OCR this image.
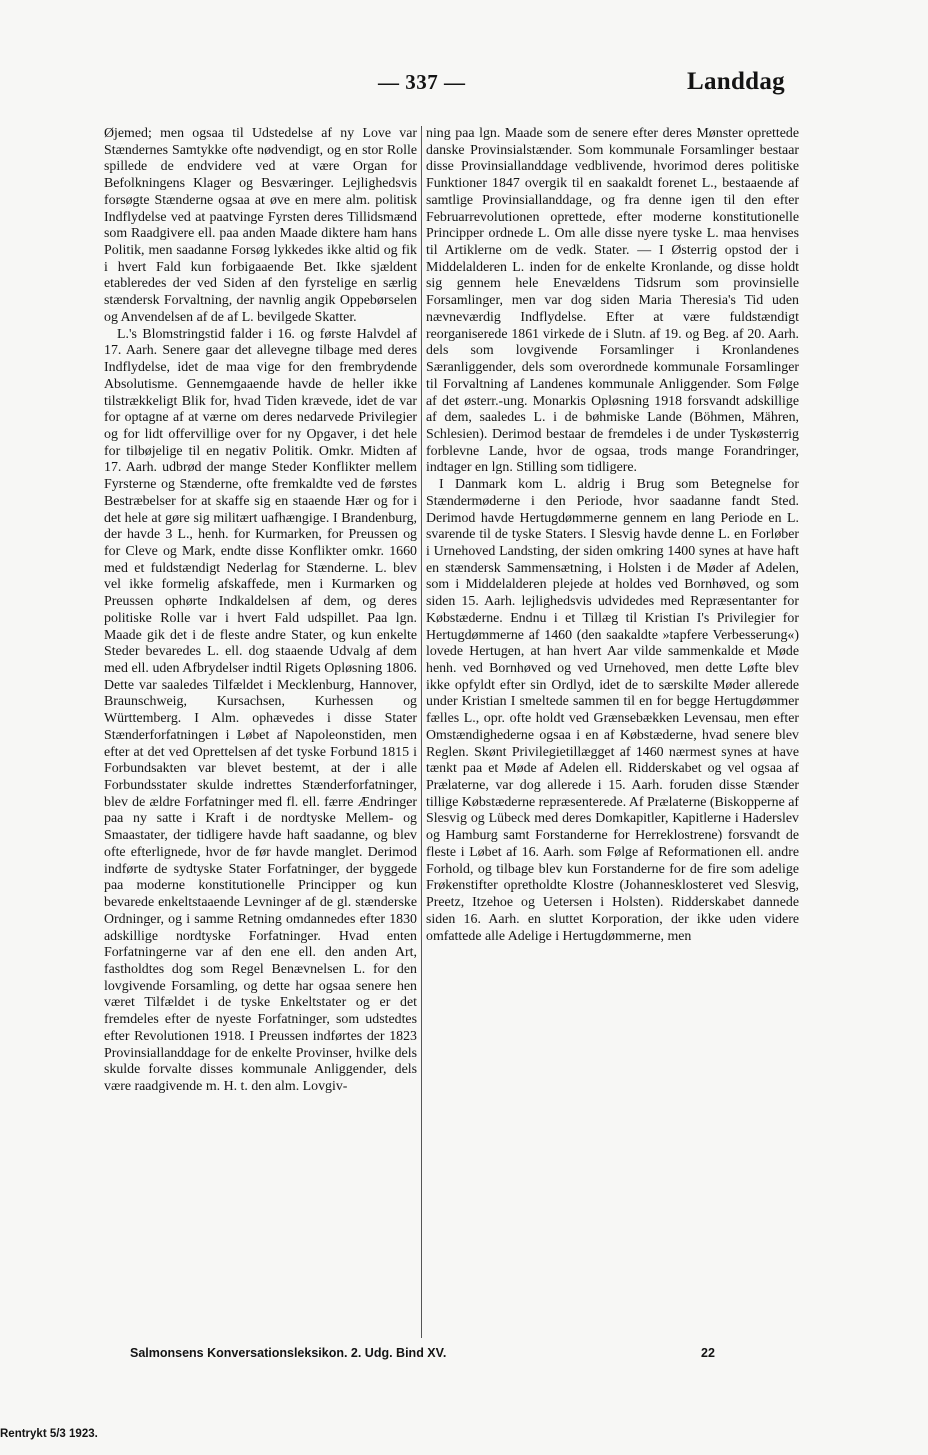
— 337 —	Landdag

Øjemed; men ogsaa til Udstedelse af ny Love var Stændernes Samtykke ofte nødvendigt, og en stor Rolle spillede de endvidere ved at være Organ for Befolkningens Klager og Besværinger. Lejlighedsvis forsøgte Stænderne ogsaa at øve en mere alm. politisk Indflydelse ved at paatvinge Fyrsten deres Tillidsmænd som Raadgivere ell. paa anden Maade diktere ham hans Politik, men saadanne Forsøg lykkedes ikke altid og fik i hvert Fald kun forbigaaende Bet. Ikke sjældent etableredes der ved Siden af den fyrstelige en særlig stændersk Forvaltning, der navnlig angik Oppebørselen og Anvendelsen af de af L. bevilgede Skatter.

L.'s Blomstringstid falder i 16. og første Halvdel af 17. Aarh. Senere gaar det allevegne tilbage med deres Indflydelse, idet de maa vige for den frembrydende Absolutisme. Gennemgaaende havde de heller ikke tilstrækkeligt Blik for, hvad Tiden krævede, idet de var for optagne af at værne om deres nedarvede Privilegier og for lidt offervillige over for ny Opgaver, i det hele for tilbøjelige til en negativ Politik. Omkr. Midten af 17. Aarh. udbrød der mange Steder Konflikter mellem Fyrsterne og Stænderne, ofte fremkaldte ved de førstes Bestræbelser for at skaffe sig en staaende Hær og for i det hele at gøre sig militært uafhængige. I Brandenburg, der havde 3 L., henh. for Kurmarken, for Preussen og for Cleve og Mark, endte disse Konflikter omkr. 1660 med et fuldstændigt Nederlag for Stænderne. L. blev vel ikke formelig afskaffede, men i Kurmarken og Preussen ophørte Indkaldelsen af dem, og deres politiske Rolle var i hvert Fald udspillet. Paa lgn. Maade gik det i de fleste andre Stater, og kun enkelte Steder bevaredes L. ell. dog staaende Udvalg af dem med ell. uden Afbrydelser indtil Rigets Opløsning 1806. Dette var saaledes Tilfældet i Mecklenburg, Hannover, Braunschweig, Kursachsen, Kurhessen og Württemberg. I Alm. ophævedes i disse Stater Stænderforfatningen i Løbet af Napoleonstiden, men efter at det ved Oprettelsen af det tyske Forbund 1815 i Forbundsakten var blevet bestemt, at der i alle Forbundsstater skulde indrettes Stænderforfatninger, blev de ældre Forfatninger med fl. ell. færre Ændringer paa ny satte i Kraft i de nordtyske Mellem- og Smaastater, der tidligere havde haft saadanne, og blev ofte efterlignede, hvor de før havde manglet. Derimod indførte de sydtyske Stater Forfatninger, der byggede paa moderne konstitutionelle Principper og kun bevarede enkeltstaaende Levninger af de gl. stænderske Ordninger, og i samme Retning omdannedes efter 1830 adskillige nordtyske Forfatninger. Hvad enten Forfatningerne var af den ene ell. den anden Art, fastholdtes dog som Regel Benævnelsen L. for den lovgivende Forsamling, og dette har ogsaa senere hen været Tilfældet i de tyske Enkeltstater og er det fremdeles efter de nyeste Forfatninger, som udstedtes efter Revolutionen 1918. I Preussen indførtes der 1823 Provinsiallanddage for de enkelte Provinser, hvilke dels skulde forvalte disses kommunale Anliggender, dels være raadgivende m. H. t. den alm. Lovgiv-

ning paa lgn. Maade som de senere efter deres Mønster oprettede danske Provinsialstænder. Som kommunale Forsamlinger bestaar disse Provinsiallanddage vedblivende, hvorimod deres politiske Funktioner 1847 overgik til en saakaldt forenet L., bestaaende af samtlige Provinsiallanddage, og fra denne igen til den efter Februarrevolutionen oprettede, efter moderne konstitutionelle Principper ordnede L. Om alle disse nyere tyske L. maa henvises til Artiklerne om de vedk. Stater. — I Østerrig opstod der i Middelalderen L. inden for de enkelte Kronlande, og disse holdt sig gennem hele Enevældens Tidsrum som provinsielle Forsamlinger, men var dog siden Maria Theresia's Tid uden nævneværdig Indflydelse. Efter at være fuldstændigt reorganiserede 1861 virkede de i Slutn. af 19. og Beg. af 20. Aarh. dels som lovgivende Forsamlinger i Kronlandenes Særanliggender, dels som overordnede kommunale Forsamlinger til Forvaltning af Landenes kommunale Anliggender. Som Følge af det østerr.-ung. Monarkis Opløsning 1918 forsvandt adskillige af dem, saaledes L. i de bøhmiske Lande (Böhmen, Mähren, Schlesien). Derimod bestaar de fremdeles i de under Tyskøsterrig forblevne Lande, hvor de ogsaa, trods mange Forandringer, indtager en lgn. Stilling som tidligere.

I Danmark kom L. aldrig i Brug som Betegnelse for Stændermøderne i den Periode, hvor saadanne fandt Sted. Derimod havde Hertugdømmerne gennem en lang Periode en L. svarende til de tyske Staters. I Slesvig havde denne L. en Forløber i Urnehoved Landsting, der siden omkring 1400 synes at have haft en stændersk Sammensætning, i Holsten i de Møder af Adelen, som i Middelalderen plejede at holdes ved Bornhøved, og som siden 15. Aarh. lejlighedsvis udvidedes med Repræsentanter for Købstæderne. Endnu i et Tillæg til Kristian I's Privilegier for Hertugdømmerne af 1460 (den saakaldte »tapfere Verbesserung«) lovede Hertugen, at han hvert Aar vilde sammenkalde et Møde henh. ved Bornhøved og ved Urnehoved, men dette Løfte blev ikke opfyldt efter sin Ordlyd, idet de to særskilte Møder allerede under Kristian I smeltede sammen til en for begge Hertugdømmer fælles L., opr. ofte holdt ved Grænsebækken Levensau, men efter Omstændighederne ogsaa i en af Købstæderne, hvad senere blev Reglen. Skønt Privilegietillægget af 1460 nærmest synes at have tænkt paa et Møde af Adelen ell. Ridderskabet og vel ogsaa af Prælaterne, var dog allerede i 15. Aarh. foruden disse Stænder tillige Købstæderne repræsenterede. Af Prælaterne (Biskopperne af Slesvig og Lübeck med deres Domkapitler, Kapitlerne i Haderslev og Hamburg samt Forstanderne for Herreklostrene) forsvandt de fleste i Løbet af 16. Aarh. som Følge af Reformationen ell. andre Forhold, og tilbage blev kun Forstanderne for de fire som adelige Frøkenstifter opretholdte Klostre (Johannesklosteret ved Slesvig, Preetz, Itzehoe og Uetersen i Holsten). Ridderskabet dannede siden 16. Aarh. en sluttet Korporation, der ikke uden videre omfattede alle Adelige i Hertugdømmerne, men

Salmonsens Konversationsleksikon. 2. Udg. Bind XV.	22
Rentrykt 5/3 1923.
